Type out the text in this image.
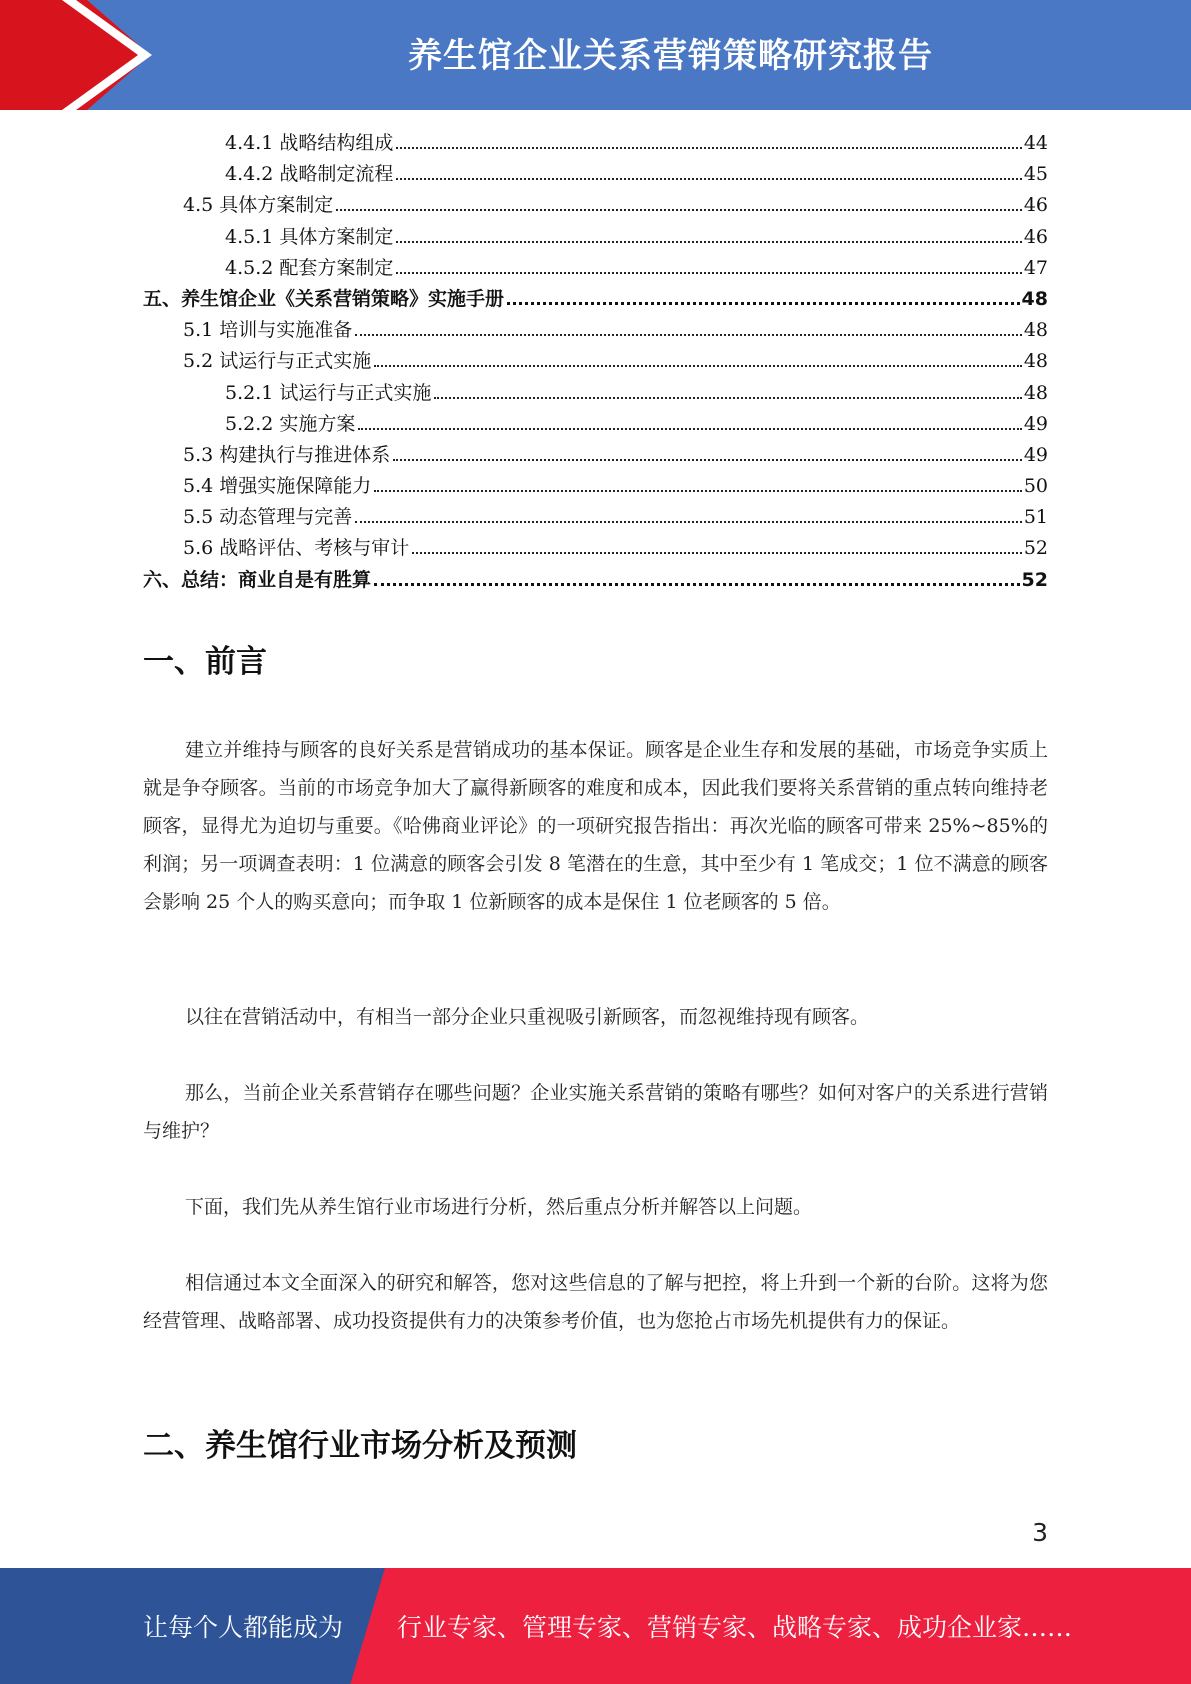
养生馆企业关系营销策略研究报告
4.4.1 战略结构组成	44
4.4.2 战略制定流程	45
4.5 具体方案制定	46
4.5.1 具体方案制定	46
4.5.2 配套方案制定	47
五、养生馆企业《关系营销策略》实施手册	48
5.1 培训与实施准备	48
5.2 试运行与正式实施	48
5.2.1 试运行与正式实施	48
5.2.2 实施方案	49
5.3 构建执行与推进体系	49
5.4 增强实施保障能力	50
5.5 动态管理与完善	51
5.6 战略评估、考核与审计	52
六、总结：商业自是有胜算	52
一、前言

建立并维持与顾客的良好关系是营销成功的基本保证。顾客是企业生存和发展的基础，市场竞争实质上就是争夺顾客。当前的市场竞争加大了赢得新顾客的难度和成本，因此我们要将关系营销的重点转向维持老顾客，显得尤为迫切与重要。《哈佛商业评论》的一项研究报告指出：再次光临的顾客可带来 25%~85%的利润；另一项调查表明：1 位满意的顾客会引发 8 笔潜在的生意，其中至少有 1 笔成交；1 位不满意的顾客会影响 25 个人的购买意向；而争取 1 位新顾客的成本是保住 1 位老顾客的 5 倍。

以往在营销活动中，有相当一部分企业只重视吸引新顾客，而忽视维持现有顾客。

那么，当前企业关系营销存在哪些问题？企业实施关系营销的策略有哪些？如何对客户的关系进行营销与维护？

下面，我们先从养生馆行业市场进行分析，然后重点分析并解答以上问题。

相信通过本文全面深入的研究和解答，您对这些信息的了解与把控，将上升到一个新的台阶。这将为您经营管理、战略部署、成功投资提供有力的决策参考价值，也为您抢占市场先机提供有力的保证。

二、养生馆行业市场分析及预测
3
让每个人都能成为 行业专家、管理专家、营销专家、战略专家、成功企业家……
